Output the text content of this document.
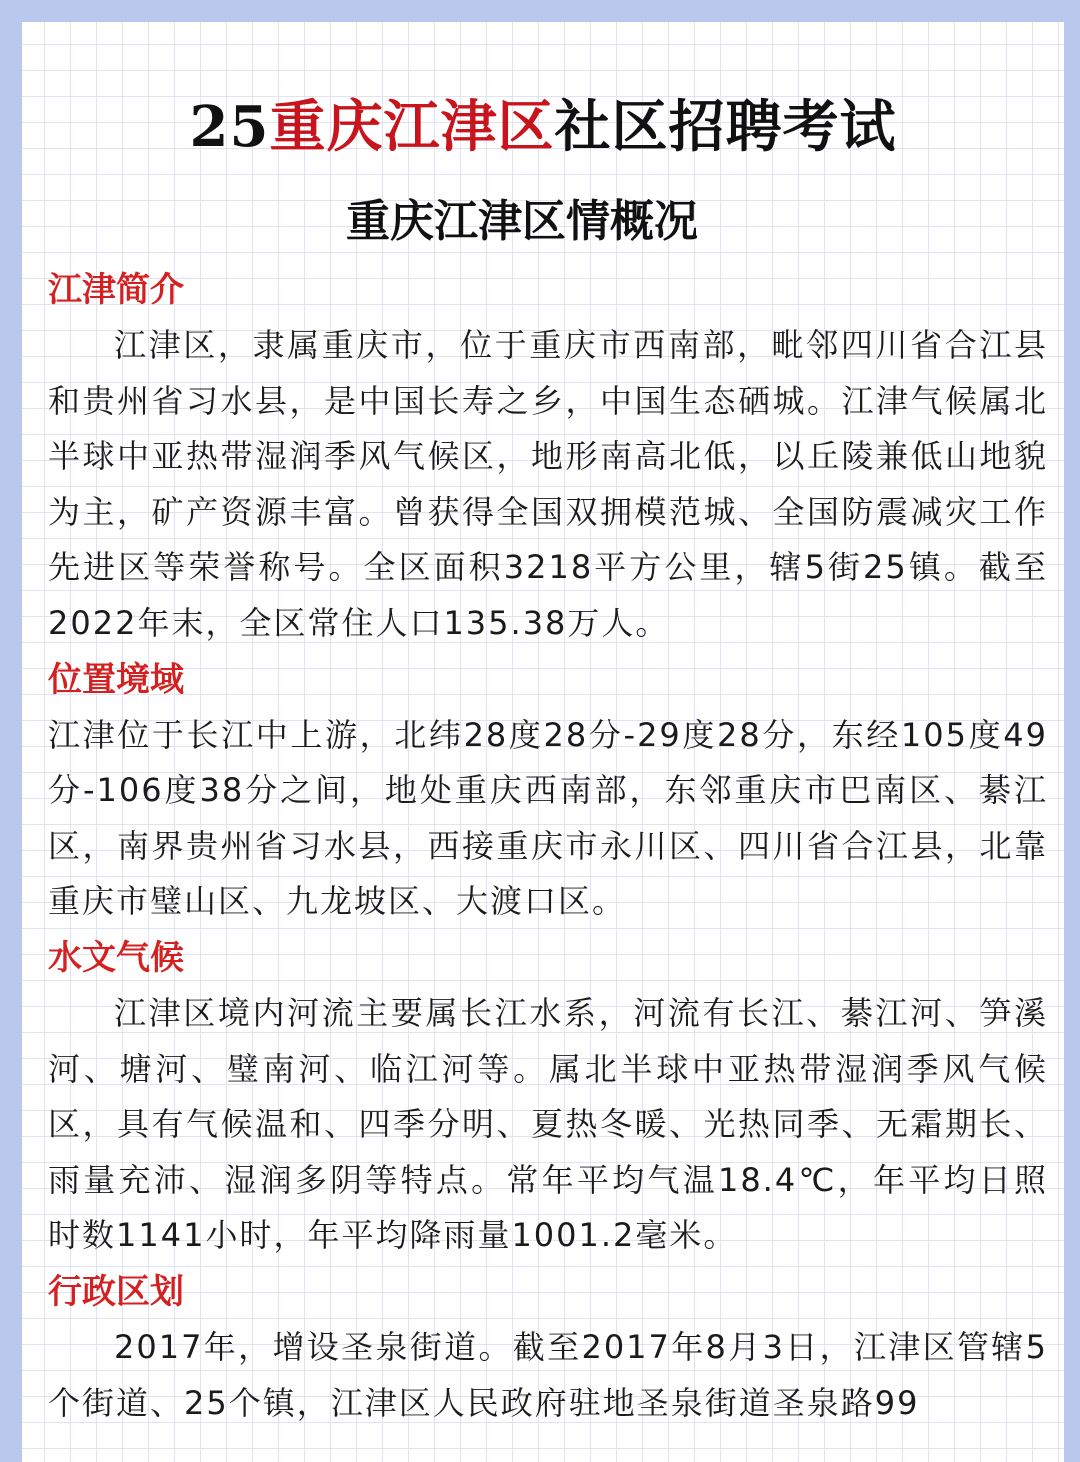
25重庆江津区社区招聘考试
重庆江津区情概况
江津简介

江津区，隶属重庆市，位于重庆市西南部，毗邻四川省合江县和贵州省习水县，是中国长寿之乡，中国生态硒城。江津气候属北半球中亚热带湿润季风气候区，地形南高北低，以丘陵兼低山地貌为主，矿产资源丰富。曾获得全国双拥模范城、全国防震减灾工作先进区等荣誉称号。全区面积3218平方公里，辖5街25镇。截至2022年末，全区常住人口135.38万人。

位置境域

江津位于长江中上游，北纬28度28分-29度28分，东经105度49分-106度38分之间，地处重庆西南部，东邻重庆市巴南区、綦江区，南界贵州省习水县，西接重庆市永川区、四川省合江县，北靠重庆市璧山区、九龙坡区、大渡口区。

水文气候

江津区境内河流主要属长江水系，河流有长江、綦江河、笋溪河、塘河、璧南河、临江河等。属北半球中亚热带湿润季风气候区，具有气候温和、四季分明、夏热冬暖、光热同季、无霜期长、雨量充沛、湿润多阴等特点。常年平均气温18.4℃，年平均日照时数1141小时，年平均降雨量1001.2毫米。

行政区划

2017年，增设圣泉街道。截至2017年8月3日，江津区管辖5个街道、25个镇，江津区人民政府驻地圣泉街道圣泉路99
